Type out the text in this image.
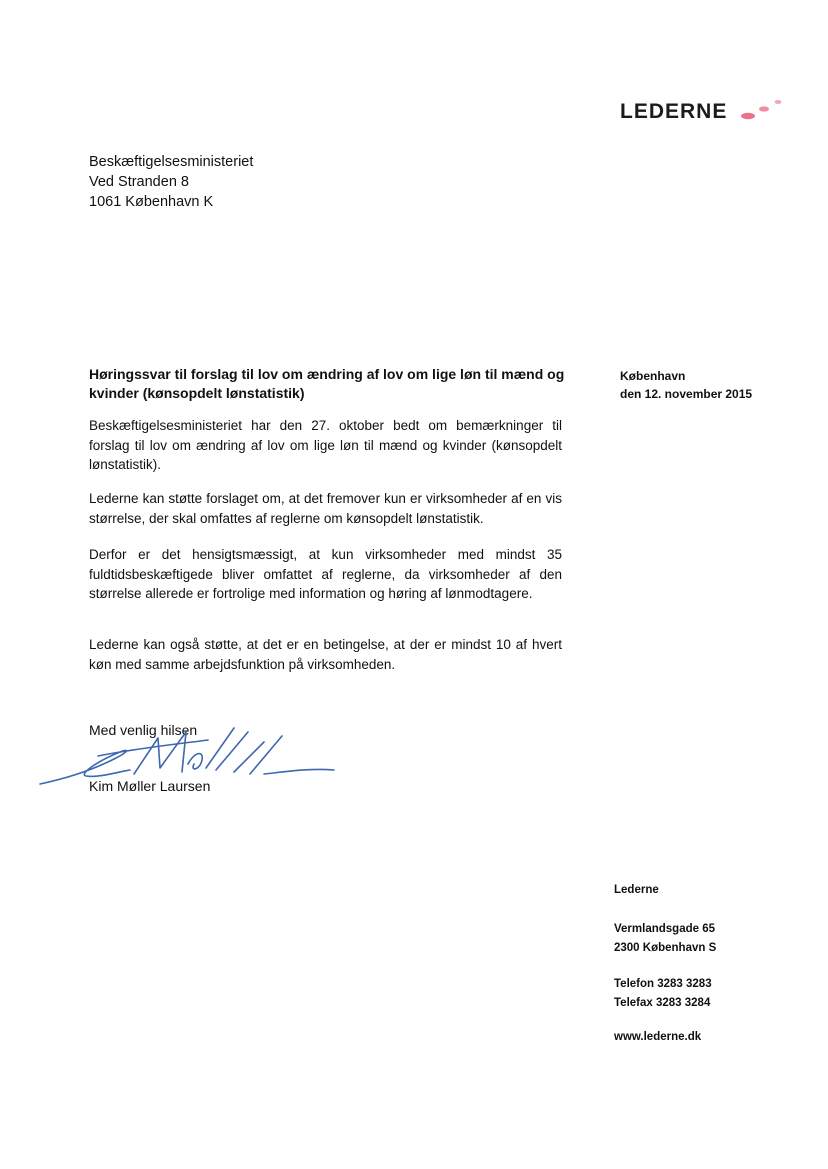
LEDERNE
Beskæftigelsesministeriet
Ved Stranden 8
1061 København K
Høringssvar til forslag til lov om ændring af lov om lige løn til mænd og kvinder (kønsopdelt lønstatistik)
København
den 12. november 2015
Beskæftigelsesministeriet har den 27. oktober bedt om bemærkninger til forslag til lov om ændring af lov om lige løn til mænd og kvinder (kønsopdelt lønstatistik).
Lederne kan støtte forslaget om, at det fremover kun er virksomheder af en vis størrelse, der skal omfattes af reglerne om kønsopdelt lønstatistik.
Derfor er det hensigtsmæssigt, at kun virksomheder med mindst 35 fuldtidsbeskæftigede bliver omfattet af reglerne, da virksomheder af den størrelse allerede er fortrolige med information og høring af lønmodtagere.
Lederne kan også støtte, at det er en betingelse, at der er mindst 10 af hvert køn med samme arbejdsfunktion på virksomheden.
Med venlig hilsen
Kim Møller Laursen
Lederne
Vermlandsgade 65
2300 København S
Telefon 3283 3283
Telefax 3283 3284
www.lederne.dk
